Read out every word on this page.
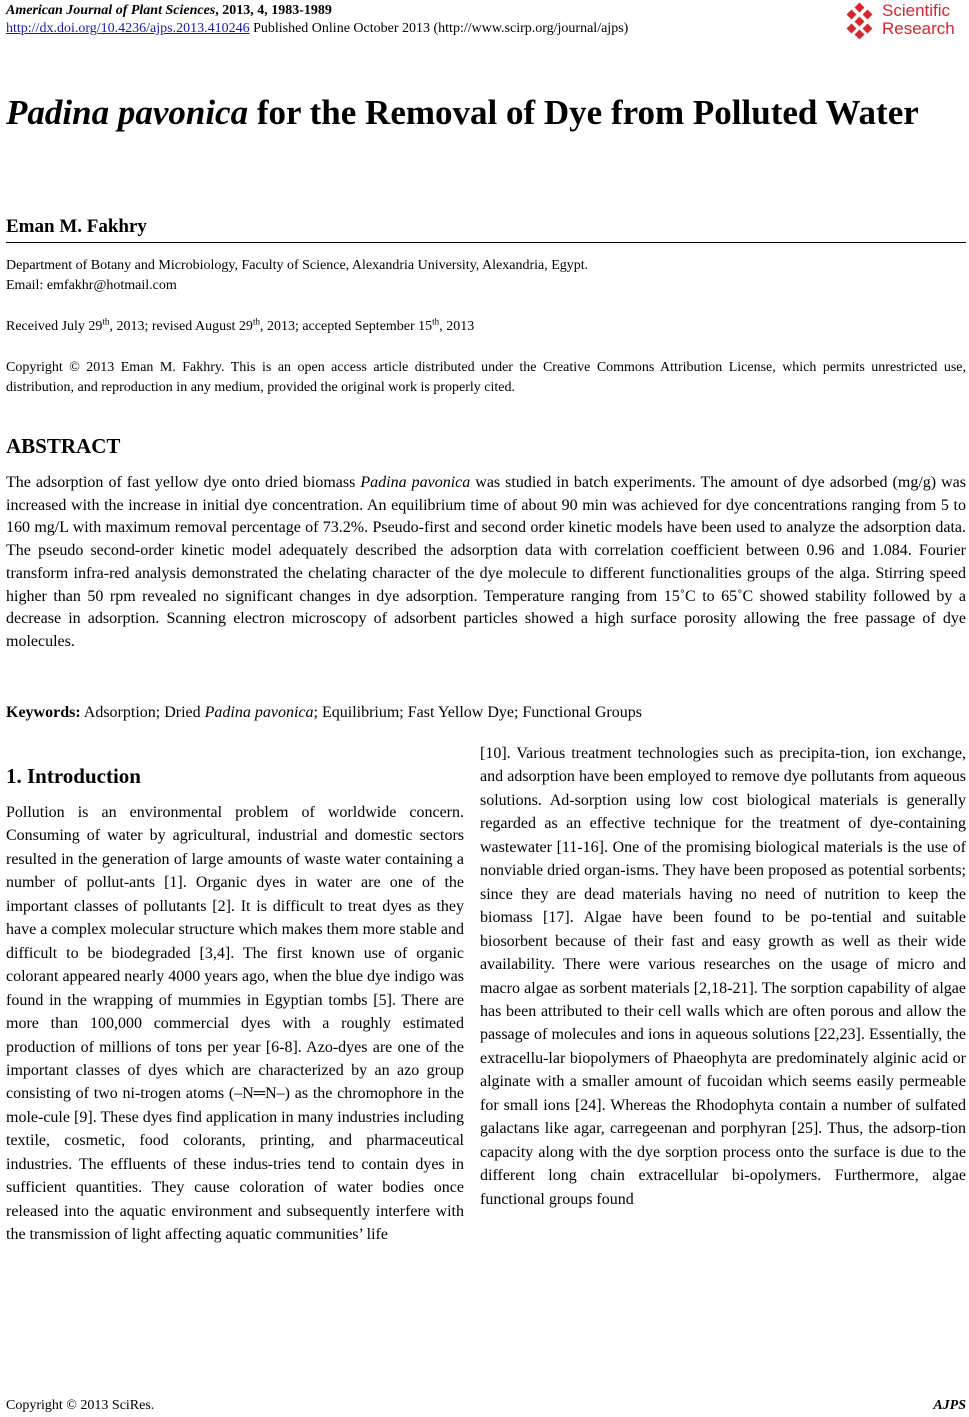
American Journal of Plant Sciences, 2013, 4, 1983-1989
http://dx.doi.org/10.4236/ajps.2013.410246 Published Online October 2013 (http://www.scirp.org/journal/ajps)
Scientific
Research
Padina pavonica for the Removal of Dye from Polluted Water
Eman M. Fakhry
Department of Botany and Microbiology, Faculty of Science, Alexandria University, Alexandria, Egypt.
Email: emfakhr@hotmail.com
Received July 29th, 2013; revised August 29th, 2013; accepted September 15th, 2013
Copyright © 2013 Eman M. Fakhry. This is an open access article distributed under the Creative Commons Attribution License, which permits unrestricted use, distribution, and reproduction in any medium, provided the original work is properly cited.
ABSTRACT
The adsorption of fast yellow dye onto dried biomass Padina pavonica was studied in batch experiments. The amount of dye adsorbed (mg/g) was increased with the increase in initial dye concentration. An equilibrium time of about 90 min was achieved for dye concentrations ranging from 5 to 160 mg/L with maximum removal percentage of 73.2%. Pseudo-first and second order kinetic models have been used to analyze the adsorption data. The pseudo second-order kinetic model adequately described the adsorption data with correlation coefficient between 0.96 and 1.084. Fourier transform infra-red analysis demonstrated the chelating character of the dye molecule to different functionalities groups of the alga. Stirring speed higher than 50 rpm revealed no significant changes in dye adsorption. Temperature ranging from 15˚C to 65˚C showed stability followed by a decrease in adsorption. Scanning electron microscopy of adsorbent particles showed a high surface porosity allowing the free passage of dye molecules.
Keywords: Adsorption; Dried Padina pavonica; Equilibrium; Fast Yellow Dye; Functional Groups
1. Introduction
Pollution is an environmental problem of worldwide concern. Consuming of water by agricultural, industrial and domestic sectors resulted in the generation of large amounts of waste water containing a number of pollut-ants [1]. Organic dyes in water are one of the important classes of pollutants [2]. It is difficult to treat dyes as they have a complex molecular structure which makes them more stable and difficult to be biodegraded [3,4]. The first known use of organic colorant appeared nearly 4000 years ago, when the blue dye indigo was found in the wrapping of mummies in Egyptian tombs [5]. There are more than 100,000 commercial dyes with a roughly estimated production of millions of tons per year [6-8]. Azo-dyes are one of the important classes of dyes which are characterized by an azo group consisting of two ni-trogen atoms (–N═N–) as the chromophore in the mole-cule [9]. These dyes find application in many industries including textile, cosmetic, food colorants, printing, and pharmaceutical industries. The effluents of these indus-tries tend to contain dyes in sufficient quantities. They cause coloration of water bodies once released into the aquatic environment and subsequently interfere with the transmission of light affecting aquatic communities’ life
[10]. Various treatment technologies such as precipita-tion, ion exchange, and adsorption have been employed to remove dye pollutants from aqueous solutions. Ad-sorption using low cost biological materials is generally regarded as an effective technique for the treatment of dye-containing wastewater [11-16]. One of the promising biological materials is the use of nonviable dried organ-isms. They have been proposed as potential sorbents; since they are dead materials having no need of nutrition to keep the biomass [17]. Algae have been found to be po-tential and suitable biosorbent because of their fast and easy growth as well as their wide availability. There were various researches on the usage of micro and macro algae as sorbent materials [2,18-21]. The sorption capability of algae has been attributed to their cell walls which are often porous and allow the passage of molecules and ions in aqueous solutions [22,23]. Essentially, the extracellu-lar biopolymers of Phaeophyta are predominately alginic acid or alginate with a smaller amount of fucoidan which seems easily permeable for small ions [24]. Whereas the Rhodophyta contain a number of sulfated galactans like agar, carregeenan and porphyran [25]. Thus, the adsorp-tion capacity along with the dye sorption process onto the surface is due to the different long chain extracellular bi-opolymers. Furthermore, algae functional groups found
Copyright © 2013 SciRes.	AJPS
